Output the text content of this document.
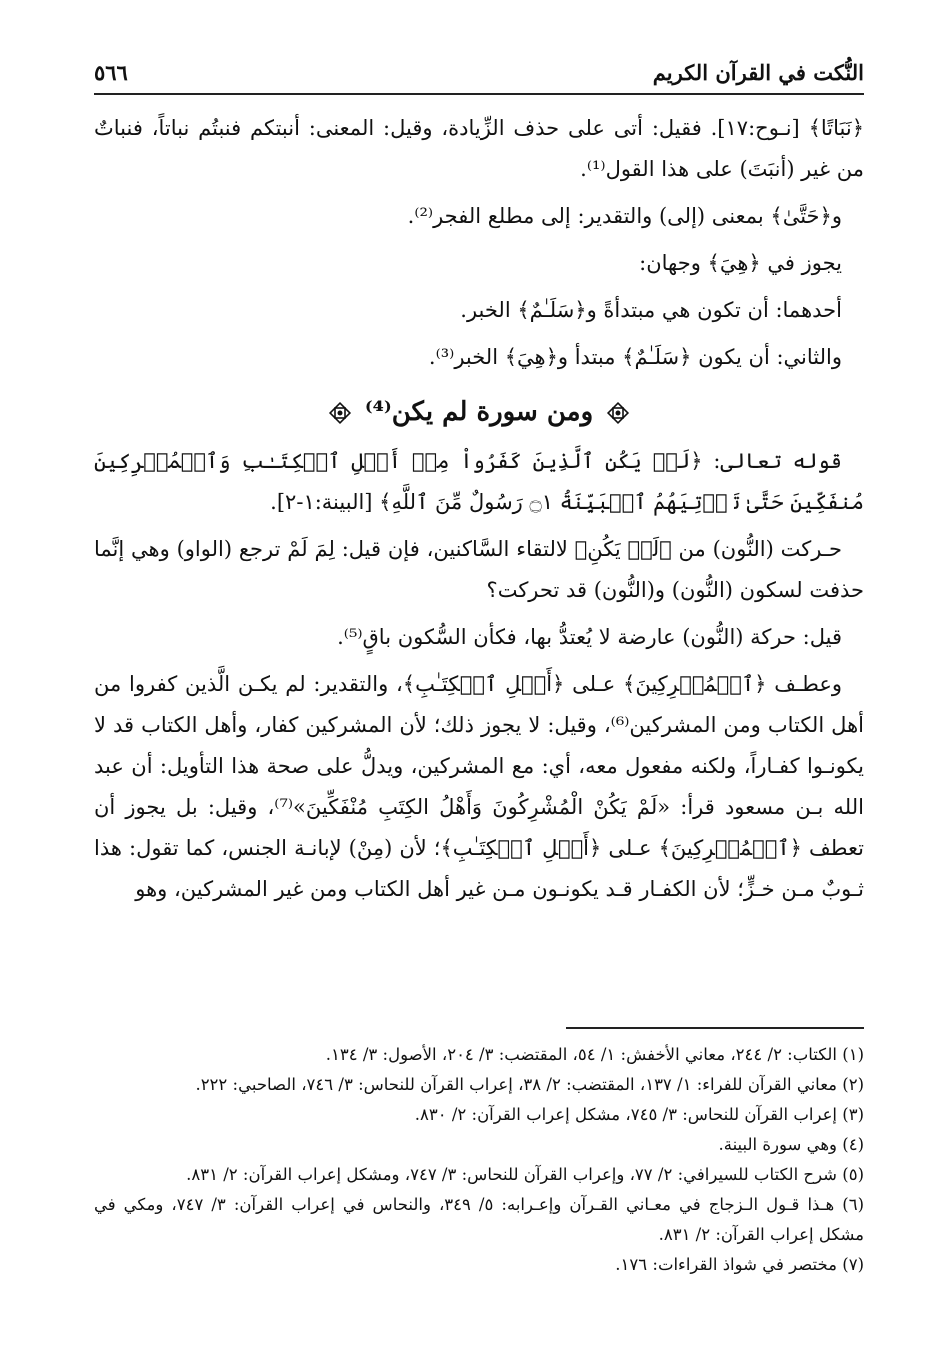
النُّكت في القرآن الكريم
٥٦٦

﴿نَبَاتًا﴾ [نـوح:١٧]. فقيل: أتى على حذف الزِّيادة، وقيل: المعنى: أنبتكم فنبتُم نباتاً، فنباتٌ من غير (أنبَتَ) على هذا القول⁽¹⁾.

و﴿حَتَّىٰ﴾ بمعنى (إلى) والتقدير: إلى مطلع الفجر⁽²⁾.

يجوز في ﴿هِيَ﴾ وجهان:

أحدهما: أن تكون هي مبتدأةً و﴿سَلَـٰمٌ﴾ الخبر.

والثاني: أن يكون ﴿سَلَـٰمٌ﴾ مبتدأ و﴿هِيَ﴾ الخبر⁽³⁾.

ومن سورة لم يكن⁽⁴⁾

قوله تعالى: ﴿لَمۡ يَكُنِ ٱلَّذِينَ كَفَرُواْ مِنۡ أَهۡلِ ٱلۡكِتَـٰبِ وَٱلۡمُشۡرِكِينَ مُنفَكِّينَ حَتَّىٰ تَأۡتِيَهُمُ ٱلۡبَيِّنَةُ ۝١ رَسُولٌ مِّنَ ٱللَّهِ﴾ [البينة:١-٢].

حـركت (النُّون) من ﴿لَمۡ يَكُنِ﴾ لالتقاء السَّاكنين، فإن قيل: لِمَ لَمْ ترجع (الواو) وهي إنَّما حذفت لسكون (النُّون) و(النُّون) قد تحركت؟

قيل: حركة (النُّون) عارضة لا يُعتدُّ بها، فكأن السُّكون باقٍ⁽⁵⁾.

وعطـف ﴿ٱلۡمُشۡرِكِينَ﴾ عـلى ﴿أَهۡلِ ٱلۡكِتَـٰبِ﴾، والتقدير: لم يكـن الَّذين كفروا من أهل الكتاب ومن المشركين⁽⁶⁾، وقيل: لا يجوز ذلك؛ لأن المشركين كفار، وأهل الكتاب قد لا يكونـوا كفـاراً، ولكنه مفعول معه، أي: مع المشركين، ويدلُّ على صحة هذا التأويل: أن عبد الله بـن مسعود قرأ: «لَمْ يَكُنْ الْمُشْرِكُونَ وَأَهْلُ الكِتَبِ مُنْفَكِّينَ»⁽⁷⁾، وقيل: بل يجوز أن تعطف ﴿ٱلۡمُشۡرِكِينَ﴾ عـلى ﴿أَهۡلِ ٱلۡكِتَـٰبِ﴾؛ لأن (مِنْ) لإبانـة الجنس، كما تقول: هذا ثـوبٌ مـن خـزٍّ؛ لأن الكفـار قـد يكونـون مـن غير أهل الكتاب ومن غير المشركين، وهو

(١) الكتاب: ٢/ ٢٤٤، معاني الأخفش: ١/ ٥٤، المقتضب: ٣/ ٢٠٤، الأصول: ٣/ ١٣٤.

(٢) معاني القرآن للفراء: ١/ ١٣٧، المقتضب: ٢/ ٣٨، إعراب القرآن للنحاس: ٣/ ٧٤٦، الصاحبي: ٢٢٢.

(٣) إعراب القرآن للنحاس: ٣/ ٧٤٥، مشكل إعراب القرآن: ٢/ ٨٣٠.

(٤) وهي سورة البينة.

(٥) شرح الكتاب للسيرافي: ٢/ ٧٧، وإعراب القرآن للنحاس: ٣/ ٧٤٧، ومشكل إعراب القرآن: ٢/ ٨٣١.

(٦) هـذا قـول الـزجاج في معـاني القـرآن وإعـرابه: ٥/ ٣٤٩، والنحاس في إعراب القرآن: ٣/ ٧٤٧، ومكي في مشكل إعراب القرآن: ٢/ ٨٣١.

(٧) مختصر في شواذ القراءات: ١٧٦.
